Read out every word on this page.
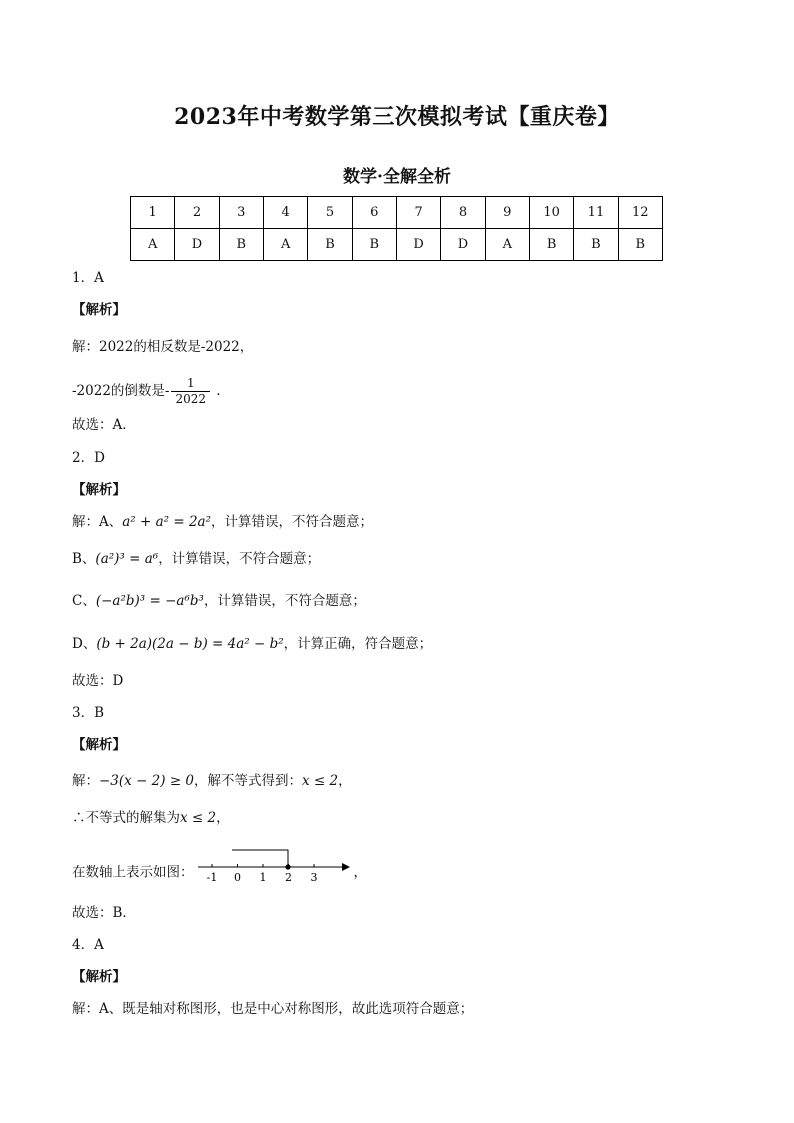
2023年中考数学第三次模拟考试【重庆卷】
数学·全解全析
1	2	3	4	5	6	7	8	9	10	11	12
A	D	B	A	B	B	D	D	A	B	B	B
1．A
【解析】
解：2022的相反数是-2022，
-2022的倒数是- $\frac{1}{2022}$ ．
故选：A．
2．D
【解析】
解：A、a² + a² = 2a²，计算错误，不符合题意；
B、(a²)³ = a⁶，计算错误，不符合题意；
C、(−a²b)³ = −a⁶b³，计算错误，不符合题意；
D、(b + 2a)(2a − b) = 4a² − b²，计算正确，符合题意；
故选：D
3．B
【解析】
解：−3(x − 2) ≥ 0，解不等式得到：x ≤ 2，
∴不等式的解集为x ≤ 2，
在数轴上表示如图： -1 0 1 2 3	，
故选：B．
4．A
【解析】
解：A、既是轴对称图形，也是中心对称图形，故此选项符合题意；
